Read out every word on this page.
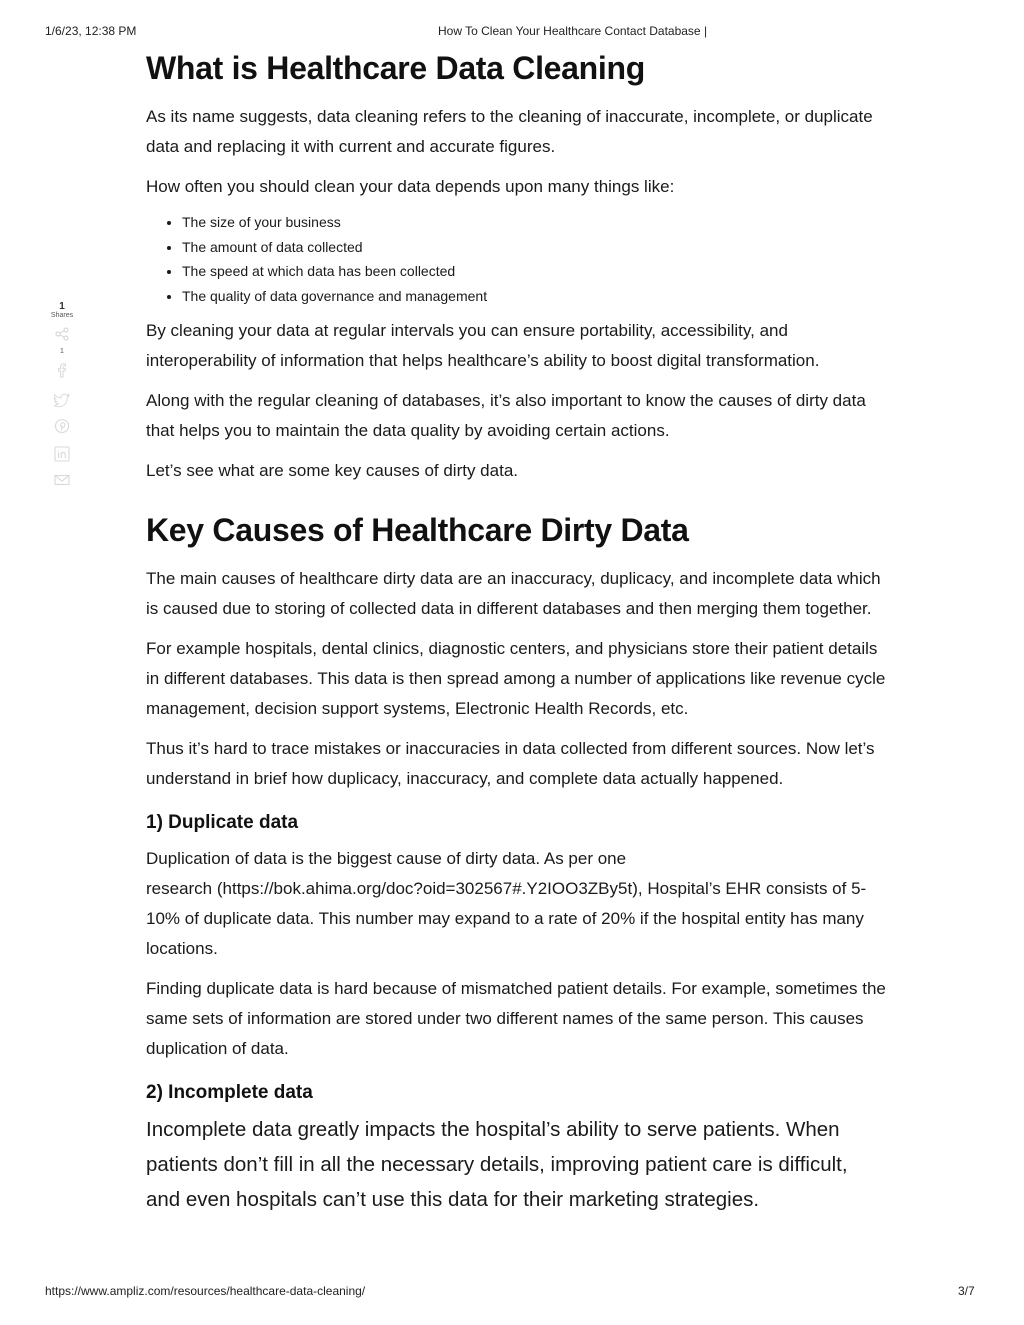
1/6/23, 12:38 PM	How To Clean Your Healthcare Contact Database |
1
Shares
1
What is Healthcare Data Cleaning

As its name suggests, data cleaning refers to the cleaning of inaccurate, incomplete, or duplicate data and replacing it with current and accurate figures.

How often you should clean your data depends upon many things like:

• The size of your business
• The amount of data collected
• The speed at which data has been collected
• The quality of data governance and management

By cleaning your data at regular intervals you can ensure portability, accessibility, and interoperability of information that helps healthcare’s ability to boost digital transformation.

Along with the regular cleaning of databases, it’s also important to know the causes of dirty data that helps you to maintain the data quality by avoiding certain actions.

Let’s see what are some key causes of dirty data.

Key Causes of Healthcare Dirty Data

The main causes of healthcare dirty data are an inaccuracy, duplicacy, and incomplete data which is caused due to storing of collected data in different databases and then merging them together.

For example hospitals, dental clinics, diagnostic centers, and physicians store their patient details in different databases. This data is then spread among a number of applications like revenue cycle management, decision support systems, Electronic Health Records, etc.

Thus it’s hard to trace mistakes or inaccuracies in data collected from different sources. Now let’s understand in brief how duplicacy, inaccuracy, and complete data actually happened.

1) Duplicate data

Duplication of data is the biggest cause of dirty data. As per one
research (https://bok.ahima.org/doc?oid=302567#.Y2IOO3ZBy5t), Hospital’s EHR consists of 5-10% of duplicate data. This number may expand to a rate of 20% if the hospital entity has many locations.

Finding duplicate data is hard because of mismatched patient details. For example, sometimes the same sets of information are stored under two different names of the same person. This causes duplication of data.

2) Incomplete data

Incomplete data greatly impacts the hospital’s ability to serve patients. When patients don’t fill in all the necessary details, improving patient care is difficult, and even hospitals can’t use this data for their marketing strategies.

https://www.ampliz.com/resources/healthcare-data-cleaning/	3/7
